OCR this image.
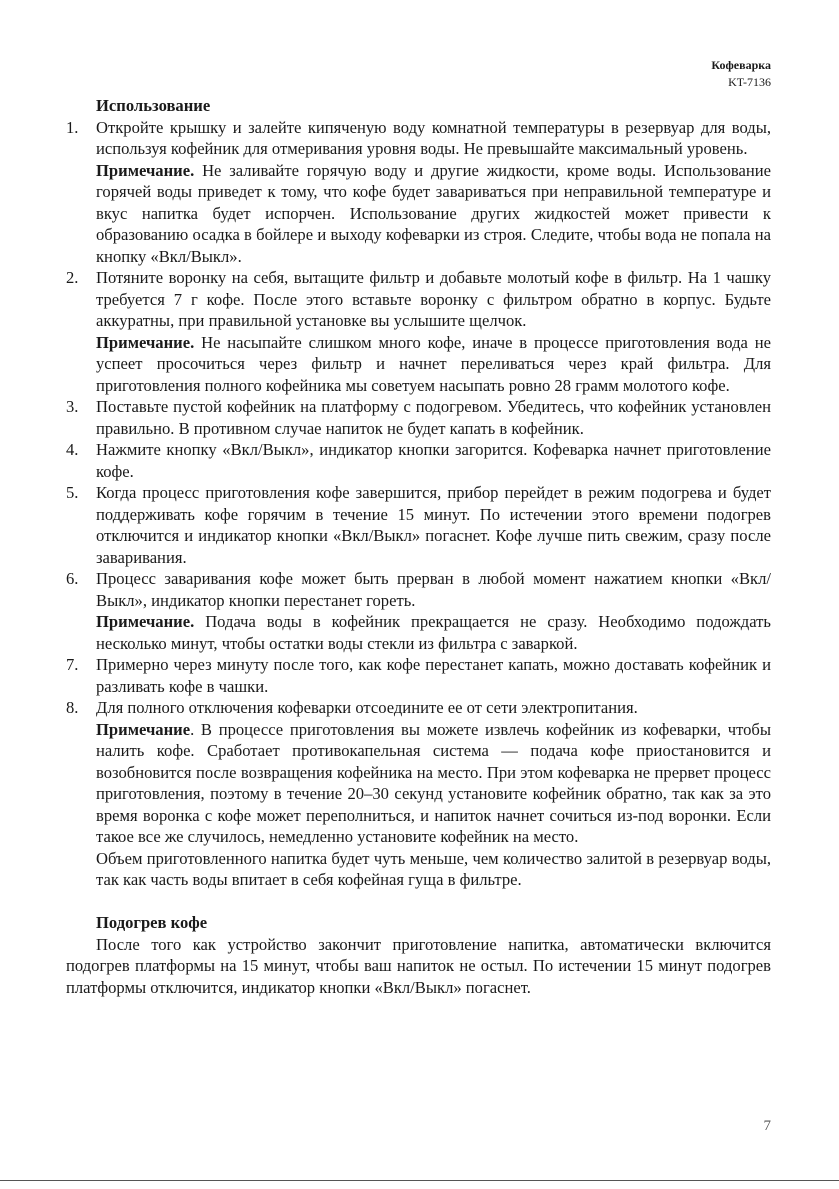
Кофеварка
KT-7136
Использование
1. Откройте крышку и залейте кипяченую воду комнатной температуры в резервуар для воды, используя кофейник для отмеривания уровня воды. Не превышайте максимальный уровень.

Примечание. Не заливайте горячую воду и другие жидкости, кроме воды. Использование горячей воды приведет к тому, что кофе будет завариваться при неправильной температуре и вкус напитка будет испорчен. Использование других жидкостей может привести к образованию осадка в бойлере и выходу кофеварки из строя. Следите, чтобы вода не попала на кнопку «Вкл/Выкл».

2. Потяните воронку на себя, вытащите фильтр и добавьте молотый кофе в фильтр. На 1 чашку требуется 7 г кофе. После этого вставьте воронку с фильтром обратно в корпус. Будьте аккуратны, при правильной установке вы услышите щелчок.

Примечание. Не насыпайте слишком много кофе, иначе в процессе приготовления вода не успеет просочиться через фильтр и начнет переливаться через край фильтра. Для приготовления полного кофейника мы советуем насыпать ровно 28 грамм молотого кофе.

3. Поставьте пустой кофейник на платформу с подогревом. Убедитесь, что кофейник установлен правильно. В противном случае напиток не будет капать в кофейник.

4. Нажмите кнопку «Вкл/Выкл», индикатор кнопки загорится. Кофеварка начнет приготовление кофе.

5. Когда процесс приготовления кофе завершится, прибор перейдет в режим подогрева и будет поддерживать кофе горячим в течение 15 минут. По истечении этого времени подогрев отключится и индикатор кнопки «Вкл/Выкл» погаснет. Кофе лучше пить свежим, сразу после заваривания.

6. Процесс заваривания кофе может быть прерван в любой момент нажатием кнопки «Вкл/Выкл», индикатор кнопки перестанет гореть.

Примечание. Подача воды в кофейник прекращается не сразу. Необходимо подождать несколько минут, чтобы остатки воды стекли из фильтра с заваркой.

7. Примерно через минуту после того, как кофе перестанет капать, можно доставать кофейник и разливать кофе в чашки.

8. Для полного отключения кофеварки отсоедините ее от сети электропитания.

Примечание. В процессе приготовления вы можете извлечь кофейник из кофеварки, чтобы налить кофе. Сработает противокапельная система — подача кофе приостановится и возобновится после возвращения кофейника на место. При этом кофеварка не прервет процесс приготовления, поэтому в течение 20–30 секунд установите кофейник обратно, так как за это время воронка с кофе может переполниться, и напиток начнет сочиться из-под воронки. Если такое все же случилось, немедленно установите кофейник на место.

Объем приготовленного напитка будет чуть меньше, чем количество залитой в резервуар воды, так как часть воды впитает в себя кофейная гуща в фильтре.

Подогрев кофе

После того как устройство закончит приготовление напитка, автоматически включится подогрев платформы на 15 минут, чтобы ваш напиток не остыл. По истечении 15 минут подогрев платформы отключится, индикатор кнопки «Вкл/Выкл» погаснет.

7
